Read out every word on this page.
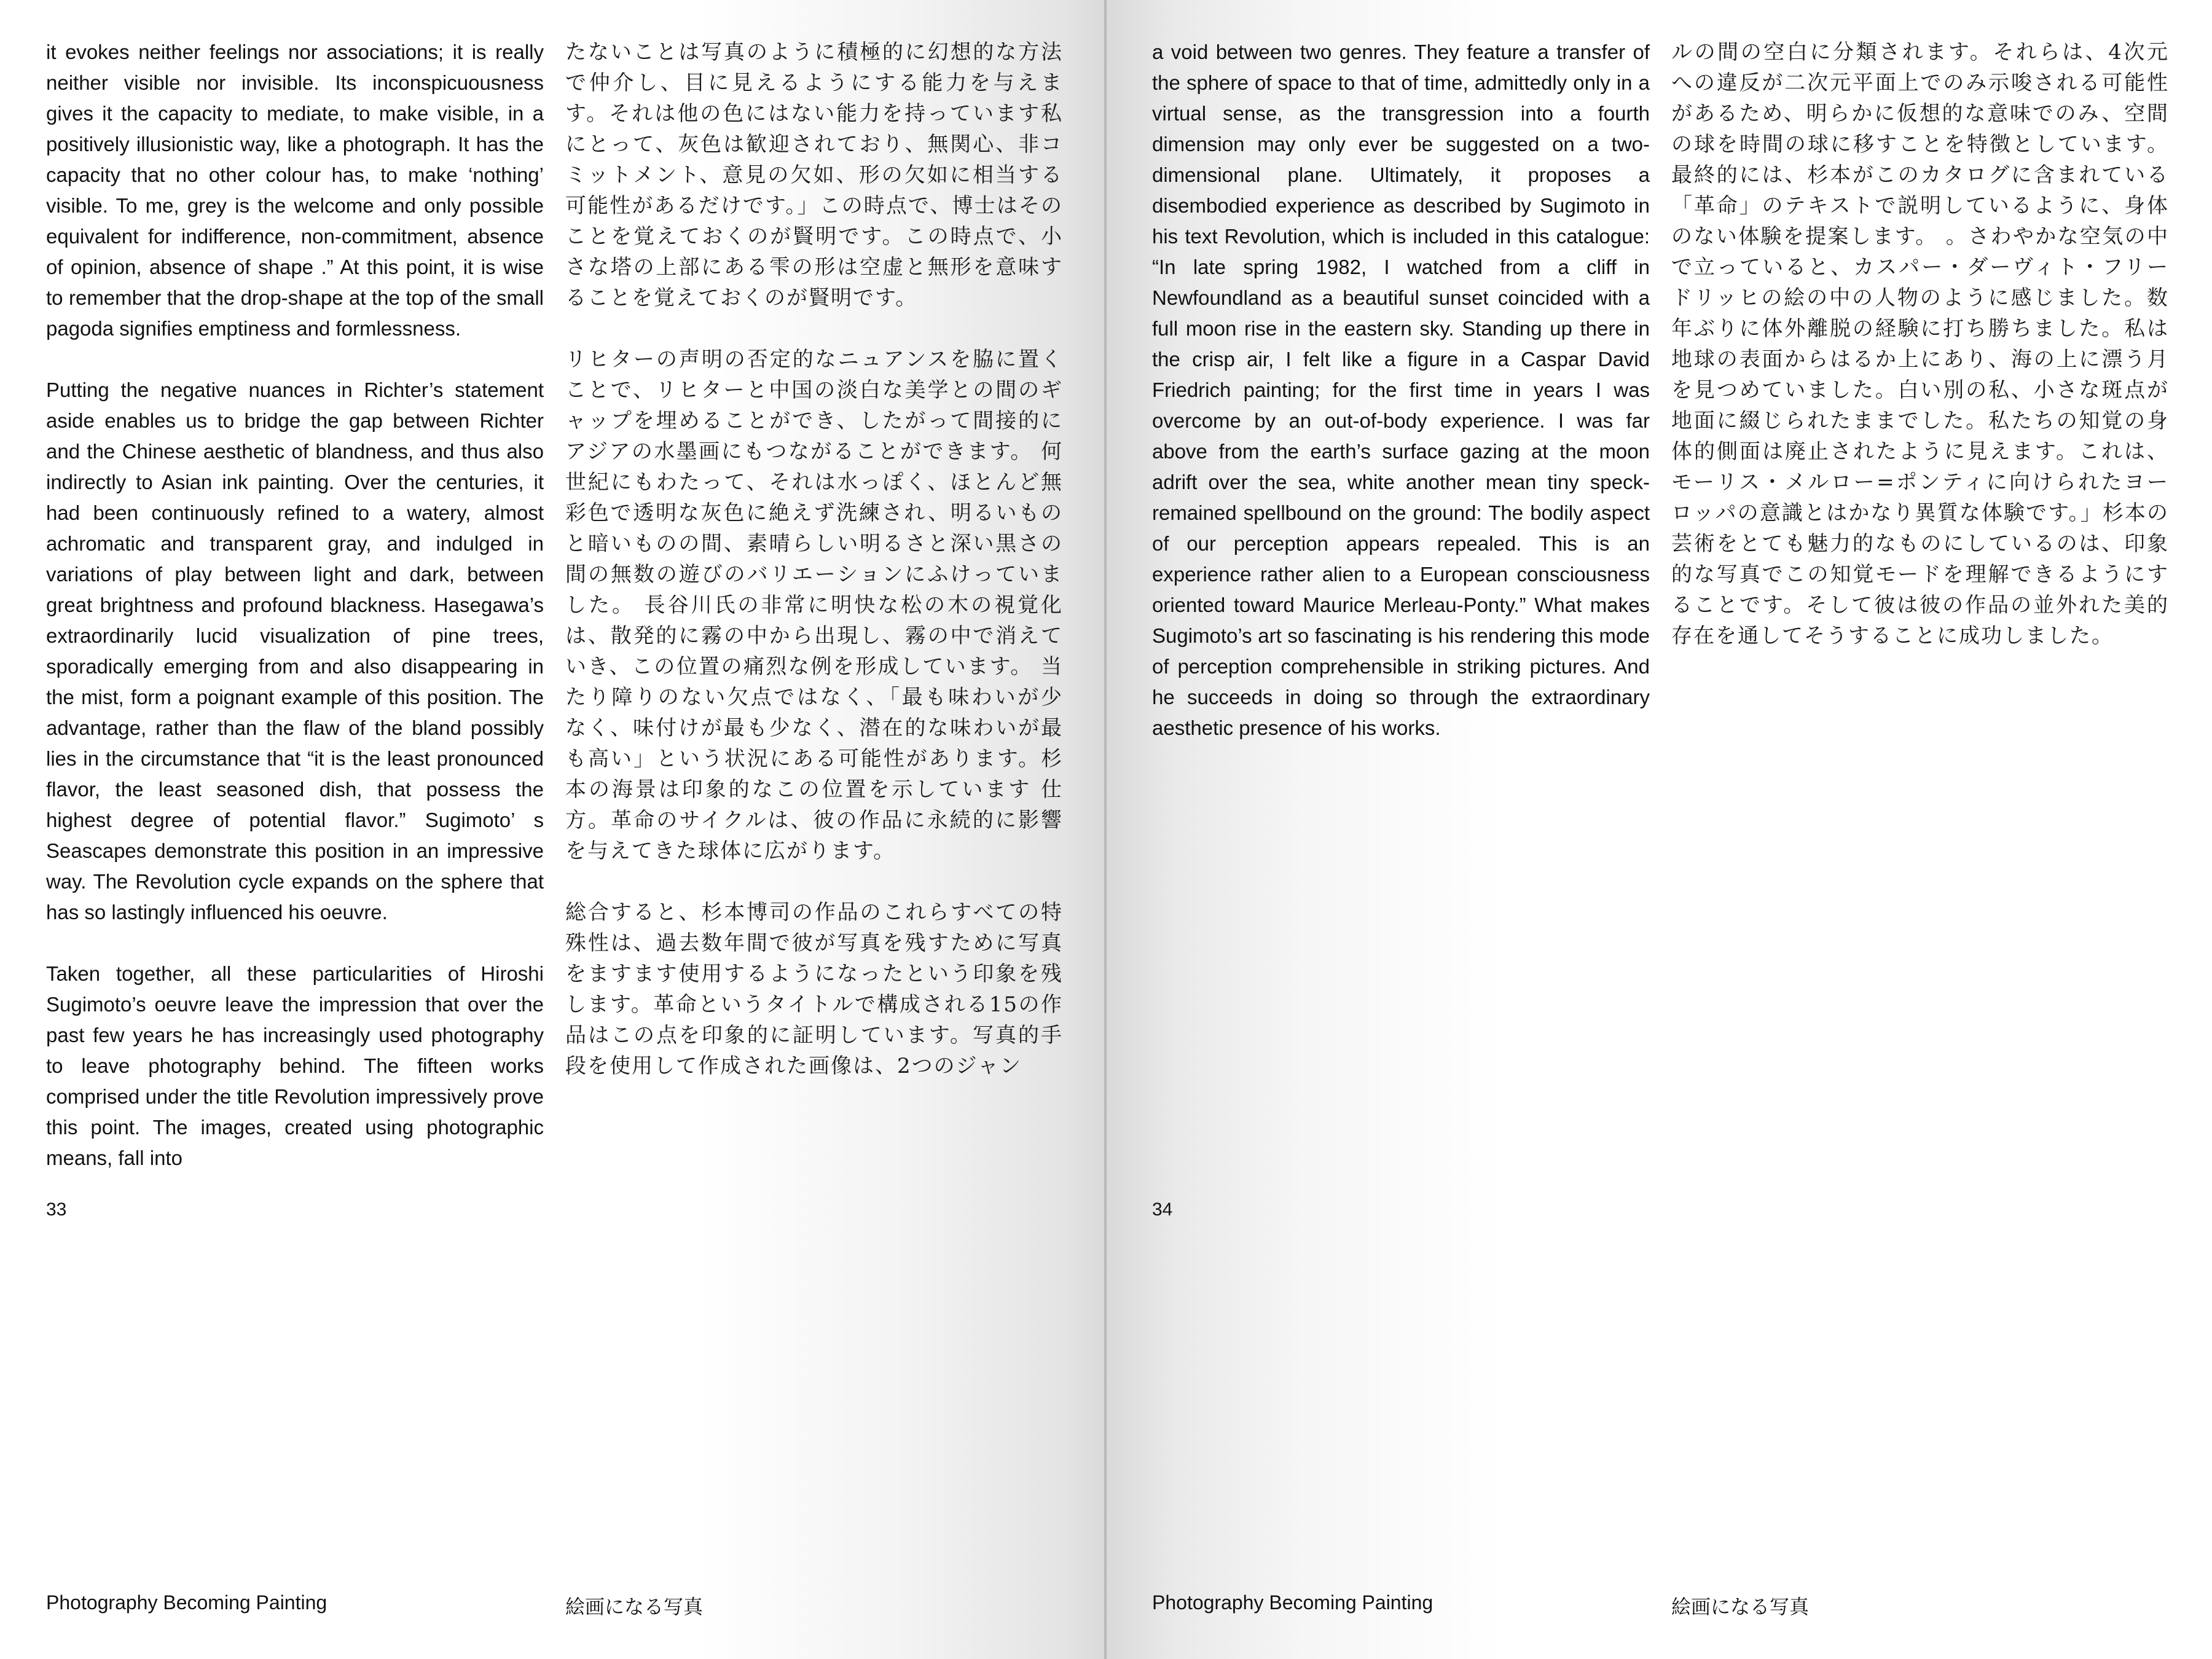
it evokes neither feelings nor associations; it is really neither visible nor invisible. Its inconspicuousness gives it the capacity to mediate, to make visible, in a positively illusionistic way, like a photograph. It has the capacity that no other colour has, to make ‘nothing’ visible. To me, grey is the welcome and only possible equivalent for indifference, non-commitment, absence of opinion, absence of shape .” At this point, it is wise to remember that the drop-shape at the top of the small pagoda signifies emptiness and formlessness.

Putting the negative nuances in Richter’s statement aside enables us to bridge the gap between Richter and the Chinese aesthetic of blandness, and thus also indirectly to Asian ink painting. Over the centuries, it had been continuously refined to a watery, almost achromatic and transparent gray, and indulged in variations of play between light and dark, between great brightness and profound blackness. Hasegawa’s extraordinarily lucid visualization of pine trees, sporadically emerging from and also disappearing in the mist, form a poignant example of this position. The advantage, rather than the flaw of the bland possibly lies in the circumstance that “it is the least pronounced flavor, the least seasoned dish, that possess the highest degree of potential flavor.” Sugimoto’ s Seascapes demonstrate this position in an impressive way. The Revolution cycle expands on the sphere that has so lastingly influenced his oeuvre.

Taken together, all these particularities of Hiroshi Sugimoto’s oeuvre leave the impression that over the past few years he has increasingly used photography to leave photography behind. The fifteen works comprised under the title Revolution impressively prove this point. The images, created using photographic means, fall into

たないことは写真のように積極的に幻想的な方法で仲介し、目に見えるようにする能力を与えます。それは他の色にはない能力を持っています私にとって、灰色は歓迎されており、無関心、非コミットメント、意見の欠如、形の欠如に相当する可能性があるだけです。」この時点で、博士はそのことを覚えておくのが賢明です。この時点で、小さな塔の上部にある雫の形は空虚と無形を意味することを覚えておくのが賢明です。

リヒターの声明の否定的なニュアンスを脇に置くことで、リヒターと中国の淡白な美学との間のギャップを埋めることができ、したがって間接的にアジアの水墨画にもつながることができます。 何世紀にもわたって、それは水っぽく、ほとんど無彩色で透明な灰色に絶えず洗練され、明るいものと暗いものの間、素晴らしい明るさと深い黒さの間の無数の遊びのバリエーションにふけっていました。 長谷川氏の非常に明快な松の木の視覚化は、散発的に霧の中から出現し、霧の中で消えていき、この位置の痛烈な例を形成しています。 当たり障りのない欠点ではなく、「最も味わいが少なく、味付けが最も少なく、潜在的な味わいが最も高い」という状況にある可能性があります。杉本の海景は印象的なこの位置を示しています 仕方。革命のサイクルは、彼の作品に永続的に影響を与えてきた球体に広がります。

総合すると、杉本博司の作品のこれらすべての特殊性は、過去数年間で彼が写真を残すために写真をますます使用するようになったという印象を残します。革命というタイトルで構成される15の作品はこの点を印象的に証明しています。写真的手段を使用して作成された画像は、2つのジャン

33
Photography Becoming Painting	絵画になる写真

a void between two genres. They feature a transfer of the sphere of space to that of time, admittedly only in a virtual sense, as the transgression into a fourth dimension may only ever be suggested on a two-dimensional plane. Ultimately, it proposes a disembodied experience as described by Sugimoto in his text Revolution, which is included in this catalogue: “In late spring 1982, I watched from a cliff in Newfoundland as a beautiful sunset coincided with a full moon rise in the eastern sky. Standing up there in the crisp air, I felt like a figure in a Caspar David Friedrich painting; for the first time in years I was overcome by an out-of-body experience. I was far above from the earth’s surface gazing at the moon adrift over the sea, white another mean tiny speck-remained spellbound on the ground: The bodily aspect of our perception appears repealed. This is an experience rather alien to a European consciousness oriented toward Maurice Merleau-Ponty.” What makes Sugimoto’s art so fascinating is his rendering this mode of perception comprehensible in striking pictures. And he succeeds in doing so through the extraordinary aesthetic presence of his works.

ルの間の空白に分類されます。それらは、4次元への違反が二次元平面上でのみ示唆される可能性があるため、明らかに仮想的な意味でのみ、空間の球を時間の球に移すことを特徴としています。最終的には、杉本がこのカタログに含まれている「革命」のテキストで説明しているように、身体のない体験を提案します。 。さわやかな空気の中で立っていると、カスパー・ダーヴィト・フリードリッヒの絵の中の人物のように感じました。数年ぶりに体外離脱の経験に打ち勝ちました。私は地球の表面からはるか上にあり、海の上に漂う月を見つめていました。白い別の私、小さな斑点が地面に綴じられたままでした。私たちの知覚の身体的側面は廃止されたように見えます。これは、モーリス・メルロー=ポンティに向けられたヨーロッパの意識とはかなり異質な体験です。」杉本の芸術をとても魅力的なものにしているのは、印象的な写真でこの知覚モードを理解できるようにすることです。そして彼は彼の作品の並外れた美的存在を通してそうすることに成功しました。

34
Photography Becoming Painting	絵画になる写真
